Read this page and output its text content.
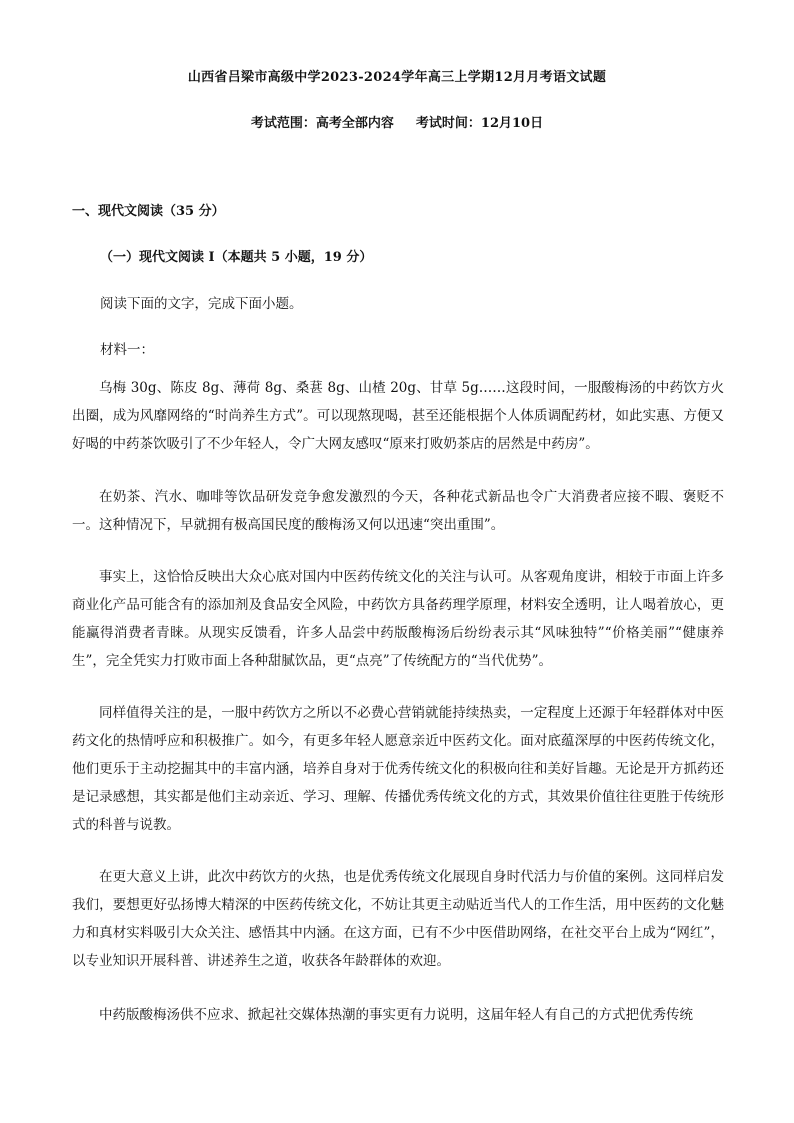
山西省吕梁市高级中学2023-2024学年高三上学期12月月考语文试题
考试范围：高考全部内容 考试时间：12月10日
一、现代文阅读（35 分）
（一）现代文阅读 I（本题共 5 小题，19 分）
阅读下面的文字，完成下面小题。
材料一：
乌梅 30g、陈皮 8g、薄荷 8g、桑葚 8g、山楂 20g、甘草 5g……这段时间，一服酸梅汤的中药饮方火出圈，成为风靡网络的“时尚养生方式”。可以现熬现喝，甚至还能根据个人体质调配药材，如此实惠、方便又好喝的中药茶饮吸引了不少年轻人，令广大网友感叹“原来打败奶茶店的居然是中药房”。
在奶茶、汽水、咖啡等饮品研发竞争愈发激烈的今天，各种花式新品也令广大消费者应接不暇、褒贬不一。这种情况下，早就拥有极高国民度的酸梅汤又何以迅速“突出重围”。
事实上，这恰恰反映出大众心底对国内中医药传统文化的关注与认可。从客观角度讲，相较于市面上许多商业化产品可能含有的添加剂及食品安全风险，中药饮方具备药理学原理，材料安全透明，让人喝着放心，更能赢得消费者青睐。从现实反馈看，许多人品尝中药版酸梅汤后纷纷表示其“风味独特”“价格美丽”“健康养生”，完全凭实力打败市面上各种甜腻饮品，更“点亮”了传统配方的“当代优势”。
同样值得关注的是，一服中药饮方之所以不必费心营销就能持续热卖，一定程度上还源于年轻群体对中医药文化的热情呼应和积极推广。如今，有更多年轻人愿意亲近中医药文化。面对底蕴深厚的中医药传统文化，他们更乐于主动挖掘其中的丰富内涵，培养自身对于优秀传统文化的积极向往和美好旨趣。无论是开方抓药还是记录感想，其实都是他们主动亲近、学习、理解、传播优秀传统文化的方式，其效果价值往往更胜于传统形式的科普与说教。
在更大意义上讲，此次中药饮方的火热，也是优秀传统文化展现自身时代活力与价值的案例。这同样启发我们，要想更好弘扬博大精深的中医药传统文化，不妨让其更主动贴近当代人的工作生活，用中医药的文化魅力和真材实料吸引大众关注、感悟其中内涵。在这方面，已有不少中医借助网络，在社交平台上成为“网红”，以专业知识开展科普、讲述养生之道，收获各年龄群体的欢迎。
中药版酸梅汤供不应求、掀起社交媒体热潮的事实更有力说明，这届年轻人有自己的方式把优秀传统
